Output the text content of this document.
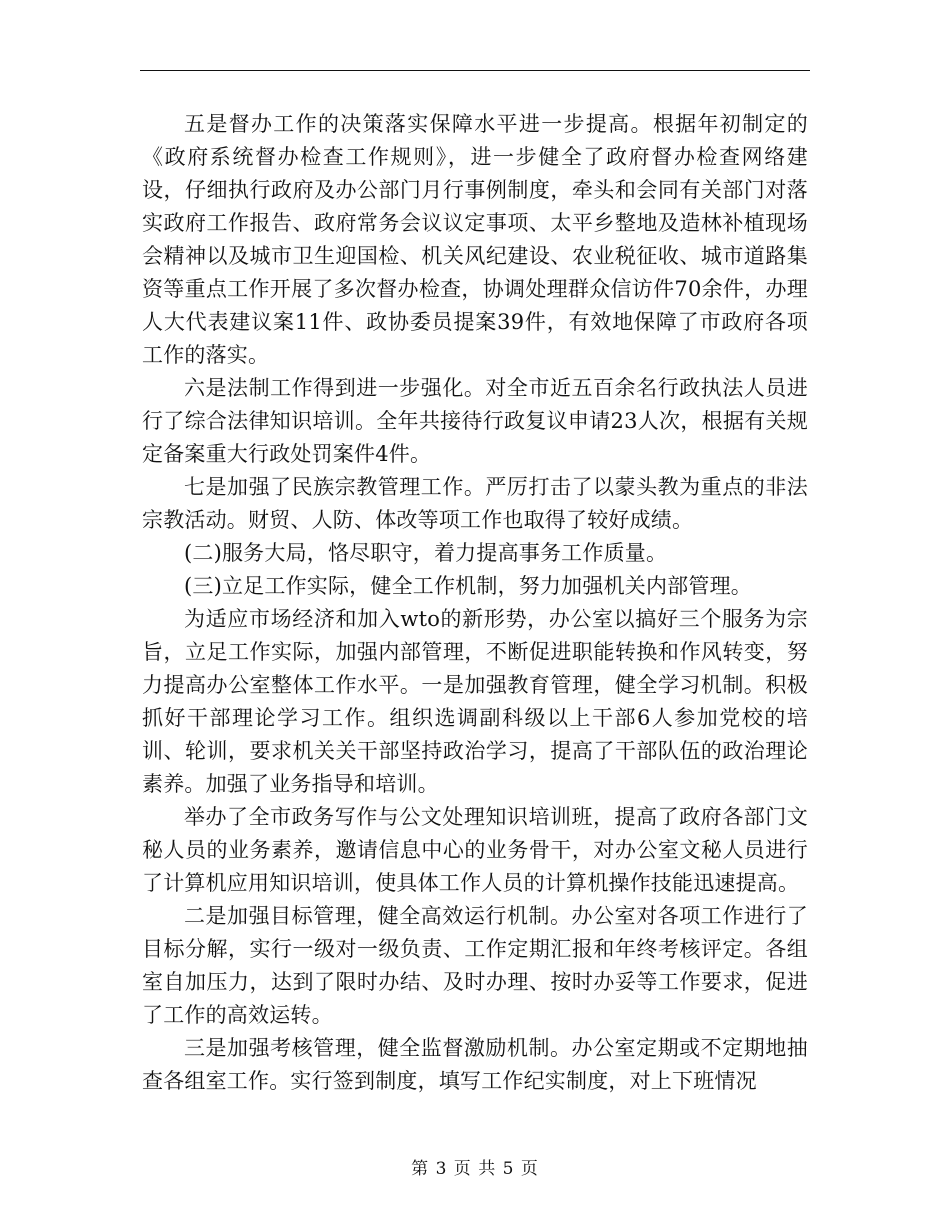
五是督办工作的决策落实保障水平进一步提高。根据年初制定的《政府系统督办检查工作规则》，进一步健全了政府督办检查网络建设，仔细执行政府及办公部门月行事例制度，牵头和会同有关部门对落实政府工作报告、政府常务会议议定事项、太平乡整地及造林补植现场会精神以及城市卫生迎国检、机关风纪建设、农业税征收、城市道路集资等重点工作开展了多次督办检查，协调处理群众信访件70余件，办理人大代表建议案11件、政协委员提案39件，有效地保障了市政府各项工作的落实。

六是法制工作得到进一步强化。对全市近五百余名行政执法人员进行了综合法律知识培训。全年共接待行政复议申请23人次，根据有关规定备案重大行政处罚案件4件。

七是加强了民族宗教管理工作。严厉打击了以蒙头教为重点的非法宗教活动。财贸、人防、体改等项工作也取得了较好成绩。

(二)服务大局，恪尽职守，着力提高事务工作质量。

(三)立足工作实际，健全工作机制，努力加强机关内部管理。

为适应市场经济和加入wto的新形势，办公室以搞好三个服务为宗旨，立足工作实际，加强内部管理，不断促进职能转换和作风转变，努力提高办公室整体工作水平。一是加强教育管理，健全学习机制。积极抓好干部理论学习工作。组织选调副科级以上干部6人参加党校的培训、轮训，要求机关关干部坚持政治学习，提高了干部队伍的政治理论素养。加强了业务指导和培训。

举办了全市政务写作与公文处理知识培训班，提高了政府各部门文秘人员的业务素养，邀请信息中心的业务骨干，对办公室文秘人员进行了计算机应用知识培训，使具体工作人员的计算机操作技能迅速提高。

二是加强目标管理，健全高效运行机制。办公室对各项工作进行了目标分解，实行一级对一级负责、工作定期汇报和年终考核评定。各组室自加压力，达到了限时办结、及时办理、按时办妥等工作要求，促进了工作的高效运转。

三是加强考核管理，健全监督激励机制。办公室定期或不定期地抽查各组室工作。实行签到制度，填写工作纪实制度，对上下班情况

第 3 页 共 5 页
